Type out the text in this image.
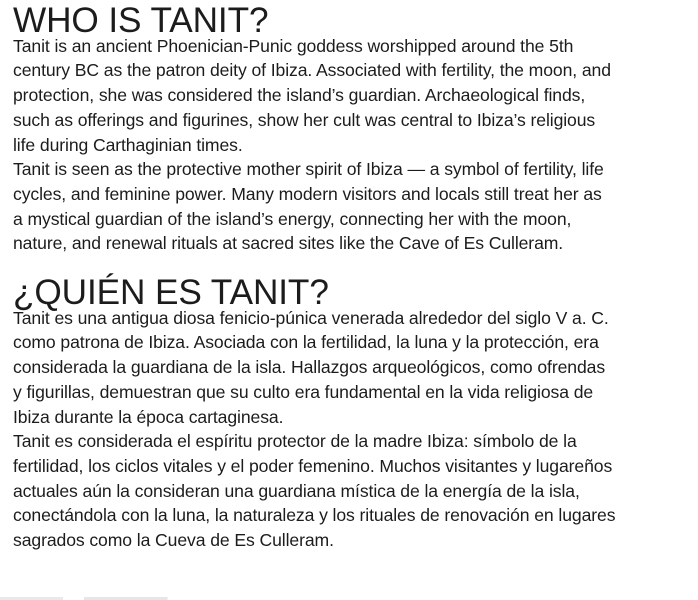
WHO IS TANIT?

Tanit is an ancient Phoenician-Punic goddess worshipped around the 5th
century BC as the patron deity of Ibiza. Associated with fertility, the moon, and
protection, she was considered the island’s guardian. Archaeological finds,
such as offerings and figurines, show her cult was central to Ibiza’s religious
life during Carthaginian times.

Tanit is seen as the protective mother spirit of Ibiza — a symbol of fertility, life
cycles, and feminine power. Many modern visitors and locals still treat her as
a mystical guardian of the island’s energy, connecting her with the moon,
nature, and renewal rituals at sacred sites like the Cave of Es Culleram.

¿QUIÉN ES TANIT?

Tanit es una antigua diosa fenicio-púnica venerada alrededor del siglo V a. C.
como patrona de Ibiza. Asociada con la fertilidad, la luna y la protección, era
considerada la guardiana de la isla. Hallazgos arqueológicos, como ofrendas
y figurillas, demuestran que su culto era fundamental en la vida religiosa de
Ibiza durante la época cartaginesa.

Tanit es considerada el espíritu protector de la madre Ibiza: símbolo de la
fertilidad, los ciclos vitales y el poder femenino. Muchos visitantes y lugareños
actuales aún la consideran una guardiana mística de la energía de la isla,
conectándola con la luna, la naturaleza y los rituales de renovación en lugares
sagrados como la Cueva de Es Culleram.
